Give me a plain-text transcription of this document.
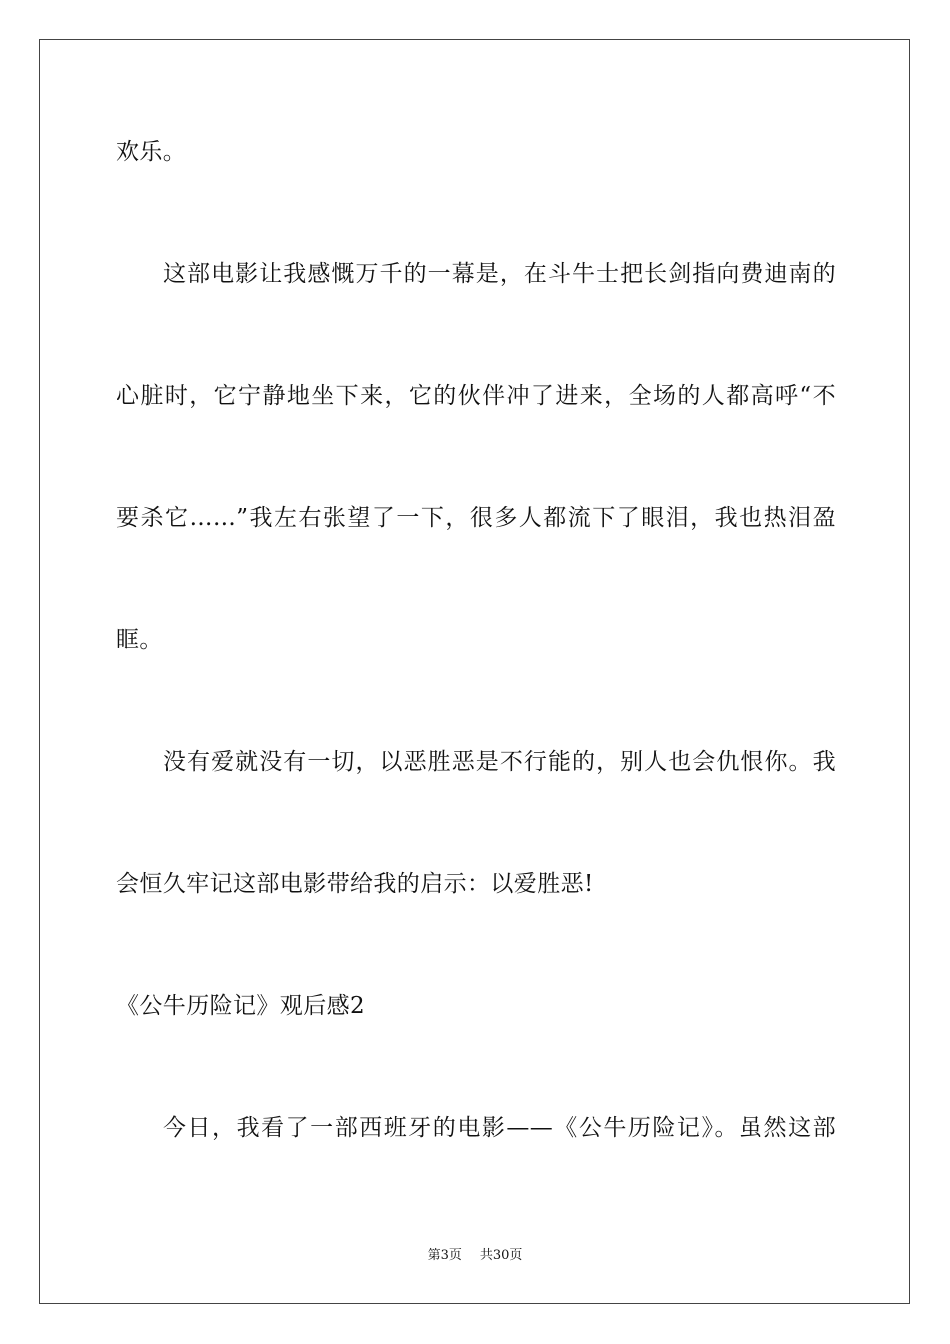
欢乐。
这部电影让我感慨万千的一幕是，在斗牛士把长剑指向费迪南的
心脏时，它宁静地坐下来，它的伙伴冲了进来，全场的人都高呼“不
要杀它……”我左右张望了一下，很多人都流下了眼泪，我也热泪盈
眶。
没有爱就没有一切，以恶胜恶是不行能的，别人也会仇恨你。我
会恒久牢记这部电影带给我的启示：以爱胜恶!
《公牛历险记》观后感2
今日，我看了一部西班牙的电影——《公牛历险记》。虽然这部
第3页 共30页
